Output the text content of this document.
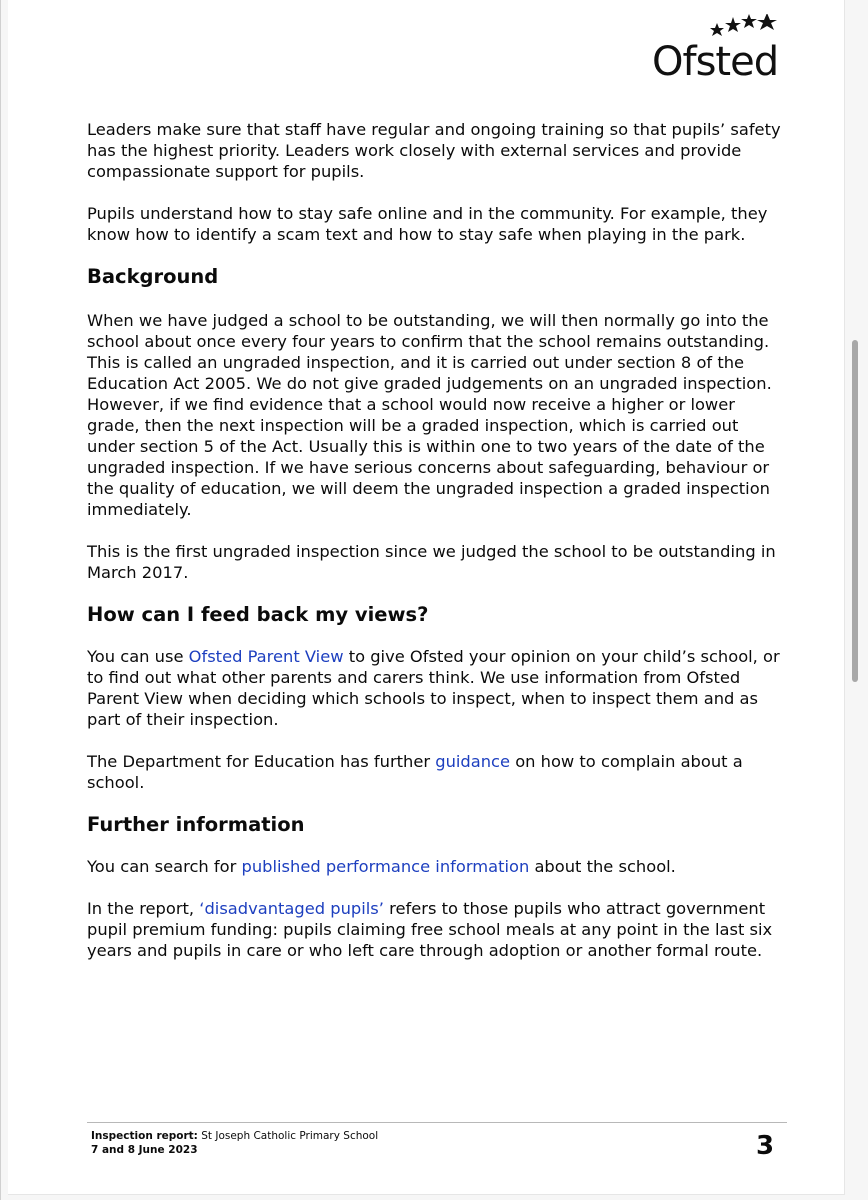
Ofsted

Leaders make sure that staff have regular and ongoing training so that pupils’ safety has the highest priority. Leaders work closely with external services and provide compassionate support for pupils.

Pupils understand how to stay safe online and in the community. For example, they know how to identify a scam text and how to stay safe when playing in the park.

Background

When we have judged a school to be outstanding, we will then normally go into the school about once every four years to confirm that the school remains outstanding. This is called an ungraded inspection, and it is carried out under section 8 of the Education Act 2005. We do not give graded judgements on an ungraded inspection. However, if we find evidence that a school would now receive a higher or lower grade, then the next inspection will be a graded inspection, which is carried out under section 5 of the Act. Usually this is within one to two years of the date of the ungraded inspection. If we have serious concerns about safeguarding, behaviour or the quality of education, we will deem the ungraded inspection a graded inspection immediately.

This is the first ungraded inspection since we judged the school to be outstanding in March 2017.

How can I feed back my views?

You can use Ofsted Parent View to give Ofsted your opinion on your child’s school, or to find out what other parents and carers think. We use information from Ofsted Parent View when deciding which schools to inspect, when to inspect them and as part of their inspection.

The Department for Education has further guidance on how to complain about a school.

Further information

You can search for published performance information about the school.

In the report, ‘disadvantaged pupils’ refers to those pupils who attract government pupil premium funding: pupils claiming free school meals at any point in the last six years and pupils in care or who left care through adoption or another formal route.

Inspection report: St Joseph Catholic Primary School
7 and 8 June 2023	3
